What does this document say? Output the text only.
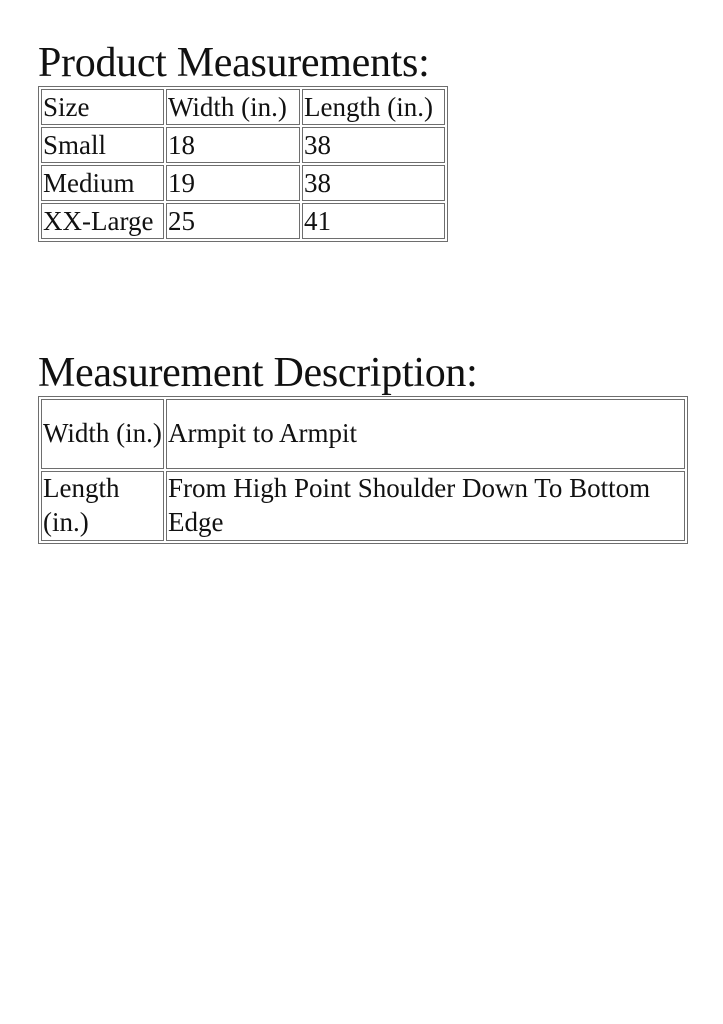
Product Measurements:
Size	Width (in.)	Length (in.)
Small	18	38
Medium	19	38
XX-Large	25	41
Measurement Description:
Width (in.)	Armpit to Armpit
Length (in.)	From High Point Shoulder Down To Bottom Edge
